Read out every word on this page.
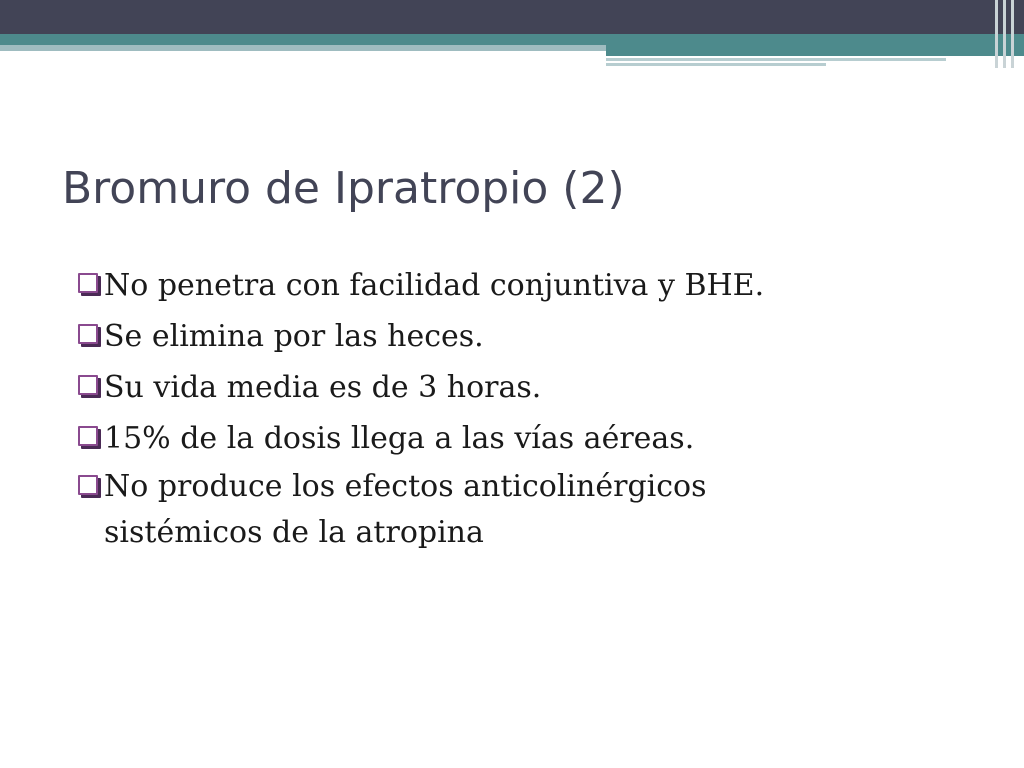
Bromuro de Ipratropio (2)
No penetra con facilidad conjuntiva y BHE.
Se elimina por las heces.
Su vida media es de 3 horas.
15% de la dosis llega a las vías aéreas.
No produce los efectos anticolinérgicos sistémicos de la atropina
